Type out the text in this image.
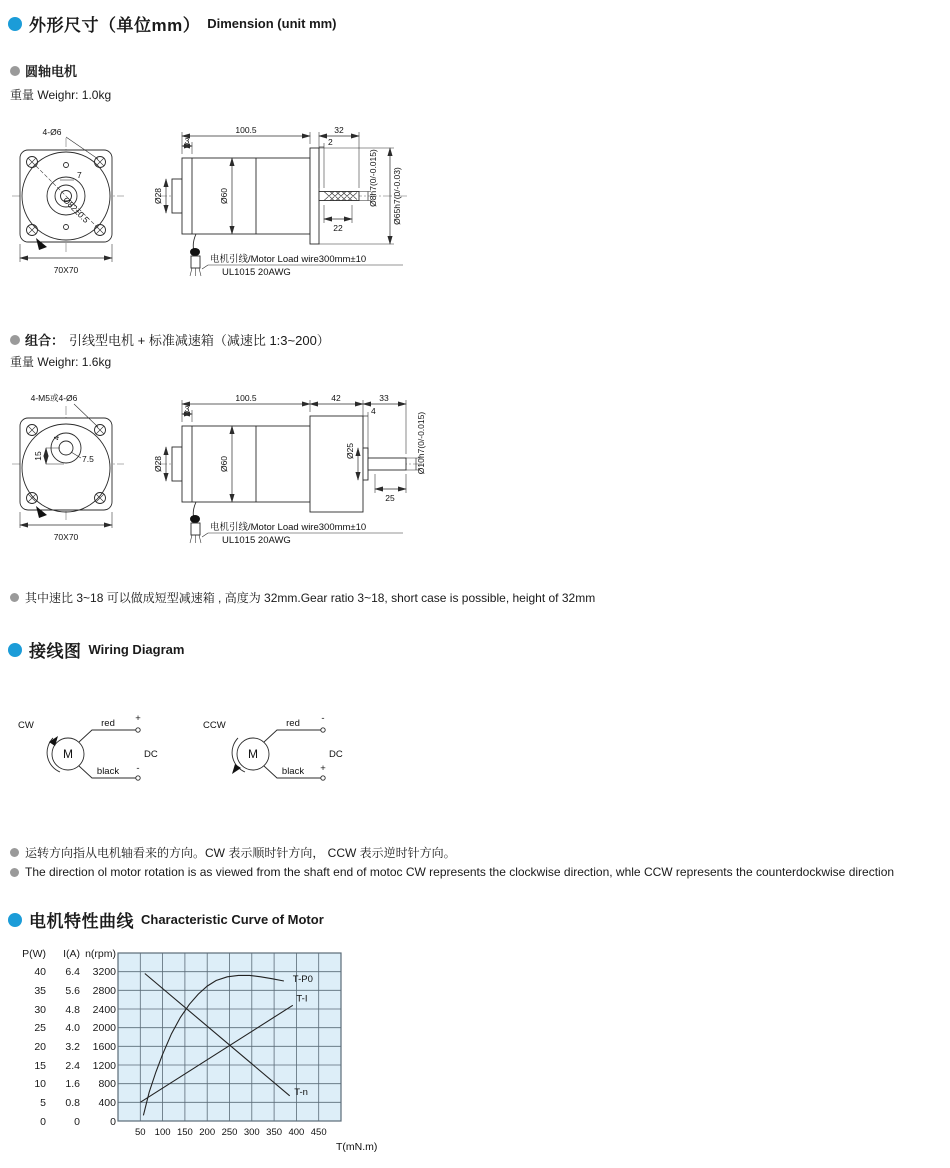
外形尺寸（单位mm） Dimension (unit mm)
圆轴电机
重量 Weighr: 1.0kg
4-Ø6
7
Ø82±0.5
70X70
100.5
3
32
2
22
Ø28	Ø60	Ø8h7(0/-0.015) Ø65h7(0/-0.03)
电机引线/Motor Load wire300mm±10
UL1015 20AWG
组合： 引线型电机 + 标准减速箱（减速比 1:3~200）
重量 Weighr: 1.6kg
4-M5或4-Ø6
4
15	7.5
70X70
100.5
3
42	33
4
25
Ø28	Ø60
Ø25	Ø10h7(0/-0.015)
电机引线/Motor Load wire300mm±10
UL1015 20AWG
其中速比 3~18 可以做成短型减速箱 , 高度为 32mm.Gear ratio 3~18, short case is possible, height of 32mm
接线图 Wiring Diagram
CW
M
red +
black -
DC
CCW
M
red -
black +
DC
运转方向指从电机轴看来的方向。CW 表示顺时针方向， CCW 表示逆时针方向。
The direction ol motor rotation is as viewed from the shaft end of motoc CW represents the clockwise direction, whle CCW represents the counterdockwise direction
电机特性曲线 Characteristic Curve of Motor
P(W)	I(A) n(rpm)
40	6.4	3200
35	5.6	2800
30	4.8	2400
25	4.0	2000
20	3.2	1600
15	2.4	1200
10	1.6	800
5	0.8	400
0	0	0
T-n
T-I
T-P0
50 100 150 200 250 300 350 400 450
T(mN.m)
